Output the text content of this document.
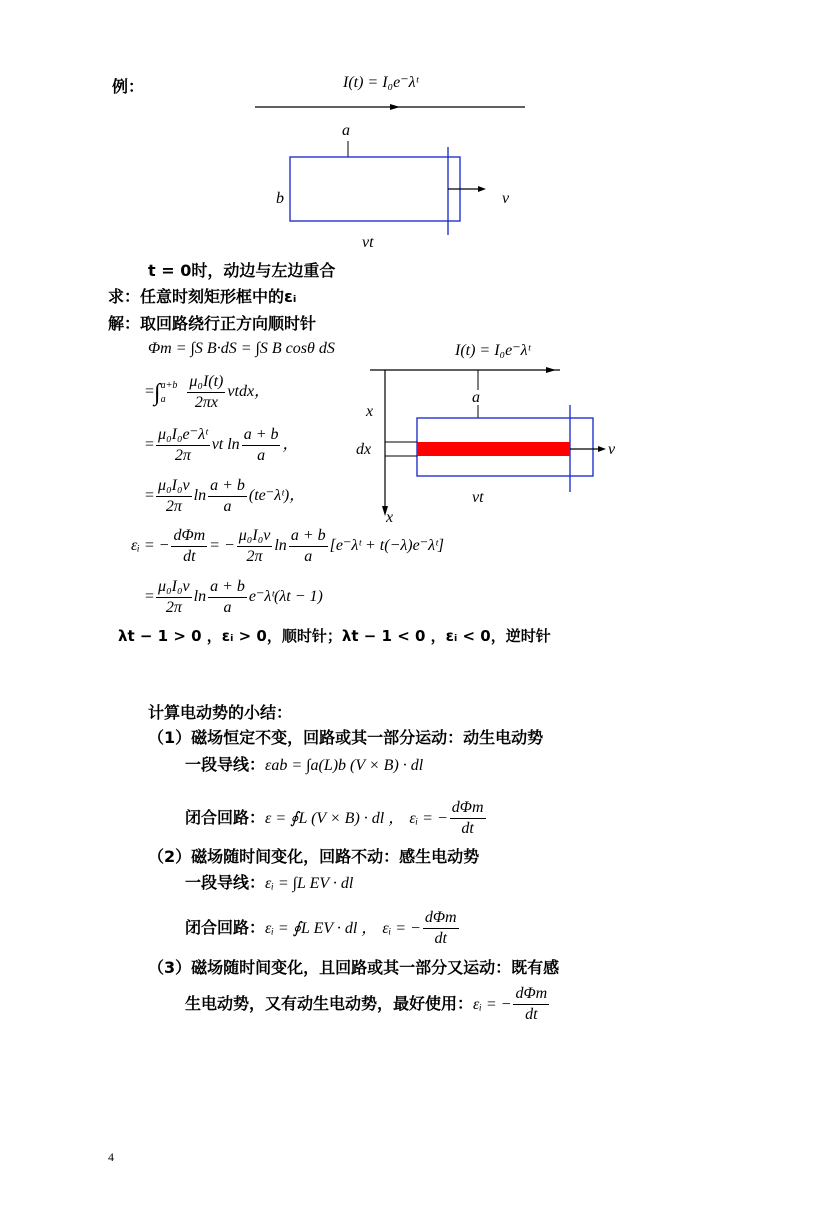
例：	I(t) = I₀e⁻λᵗ
a
b	v
vt
t = 0时，动边与左边重合
求：任意时刻矩形框中的εᵢ
解：取回路绕行正方向顺时针
Φm = ∫S B·dS = ∫S B cosθ dS
=∫ a+b
a
	$\frac{\text{μ₀I(t)}}{2\pi x}$ vtdx，
= $\frac{\text{μ₀I₀e⁻λᵗ}}{2\pi}$ vt $\ln \frac{a + b}{a}$ ，
= $\frac{\text{μ₀I₀v}}{2\pi}$ $\ln \frac{a + b}{a}$ (te⁻λᵗ)，
εᵢ = − $\frac{\text{dΦm}}{dt}$ = − $\frac{\text{μ₀I₀v}}{2\pi}$ $\ln \frac{a + b}{a}$ [e⁻λᵗ + t(−λ)e⁻λᵗ]
= $\frac{\text{μ₀I₀v}}{2\pi}$ $\ln \frac{a + b}{a}$ e⁻λᵗ(λt − 1)
λt − 1 > 0 ，εᵢ > 0，顺时针；λt − 1 < 0 ，εᵢ < 0，逆时针
I(t) = I₀e⁻λᵗ
a
x
dx
x
v
vt
计算电动势的小结：
（1）磁场恒定不变，回路或其一部分运动：动生电动势
一段导线：εab = ∫a(L)b (V × B) · dl
闭合回路：ε = ∮L (V × B) · dl ， εᵢ = − $\frac{\text{dΦm}}{dt}$
（2）磁场随时间变化，回路不动：感生电动势
一段导线：εᵢ = ∫L EV · dl
闭合回路：εᵢ = ∮L EV · dl ， εᵢ = − $\frac{\text{dΦm}}{dt}$
（3）磁场随时间变化，且回路或其一部分又运动：既有感
生电动势，又有动生电动势，最好使用：εᵢ = − $\frac{\text{dΦm}}{dt}$
4
